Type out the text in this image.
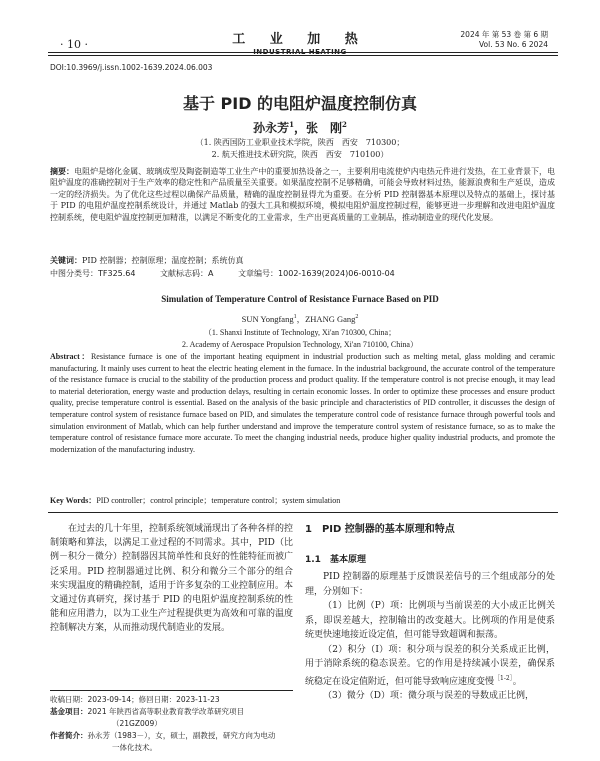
· 10 ·	工 业 加 热
INDUSTRIAL HEATING
2024 年 第 53 卷 第 6 期
Vol. 53 No. 6 2024
DOI:10.3969/j.issn.1002-1639.2024.06.003
基于 PID 的电阻炉温度控制仿真
孙永芳$^1$，张　刚$^2$
（1. 陕西国防工业职业技术学院，陕西　西安　710300；
2. 航天推进技术研究院，陕西　西安　710100）
摘要：电阻炉是熔化金属、玻璃成型及陶瓷制造等工业生产中的重要加热设备之一，主要利用电流使炉内电热元件进行发热，在工业背景下，电阻炉温度的准确控制对于生产效率的稳定性和产品质量至关重要。如果温度控制不足够精确，可能会导致材料过热，能源浪费和生产延误，造成一定的经济损失。为了优化这些过程以确保产品质量，精确的温度控制显得尤为重要。在分析 PID 控制器基本原理以及特点的基础上，探讨基于 PID 的电阻炉温度控制系统设计，并通过 Matlab 的强大工具和模拟环境，模拟电阻炉温度控制过程，能够更进一步理解和改进电阻炉温度控制系统，使电阻炉温度控制更加精准，以满足不断变化的工业需求，生产出更高质量的工业制品，推动制造业的现代化发展。
关键词：PID 控制器；控制原理；温度控制；系统仿真
中图分类号：TF325.64	文献标志码：A	文章编号：1002-1639(2024)06-0010-04
Simulation of Temperature Control of Resistance Furnace Based on PID
SUN Yongfang$^1$，ZHANG Gang$^2$
（1. Shanxi Institute of Technology, Xi'an 710300, China；
2. Academy of Aerospace Propulsion Technology, Xi'an 710100, China）
Abstract：Resistance furnace is one of the important heating equipment in industrial production such as melting metal, glass molding and ceramic manufacturing. It mainly uses current to heat the electric heating element in the furnace. In the industrial background, the accurate control of the temperature of the resistance furnace is crucial to the stability of the production process and product quality. If the temperature control is not precise enough, it may lead to material deterioration, energy waste and production delays, resulting in certain economic losses. In order to optimize these processes and ensure product quality, precise temperature control is essential. Based on the analysis of the basic principle and characteristics of PID controller, it discusses the design of temperature control system of resistance furnace based on PID, and simulates the temperature control code of resistance furnace through powerful tools and simulation environment of Matlab, which can help further understand and improve the temperature control system of resistance furnace, so as to make the temperature control of resistance furnace more accurate. To meet the changing industrial needs, produce higher quality industrial products, and promote the modernization of the manufacturing industry.
Key Words：PID controller；control principle；temperature control；system simulation
在过去的几十年里，控制系统领域涌现出了各种各样的控制策略和算法，以满足工业过程的不同需求。其中，PID（比例－积分－微分）控制器因其简单性和良好的性能特征而被广泛采用。PID 控制器通过比例、积分和微分三个部分的组合来实现温度的精确控制，适用于许多复杂的工业控制应用。本文通过仿真研究，探讨基于 PID 的电阻炉温度控制系统的性能和应用潜力，以为工业生产过程提供更为高效和可靠的温度控制解决方案，从而推动现代制造业的发展。
收稿日期：2023-09-14；修回日期：2023-11-23
基金项目：2021 年陕西省高等职业教育教学改革研究项目
（21GZ009）
作者简介：孙永芳（1983－），女，硕士，副教授，研究方向为电动
一体化技术。
1　PID 控制器的基本原理和特点
1.1　基本原理
PID 控制器的原理基于反馈误差信号的三个组成部分的处理，分别如下：
（1）比例（P）项：比例项与当前误差的大小成正比例关系，即误差越大，控制输出的改变越大。比例项的作用是使系统更快速地接近设定值，但可能导致超调和振荡。
（2）积分（I）项：积分项与误差的积分关系成正比例，用于消除系统的稳态误差。它的作用是持续减小误差，确保系统稳定在设定值附近，但可能导致响应速度变慢$^{[1-2]}$。
（3）微分（D）项：微分项与误差的导数成正比例，
